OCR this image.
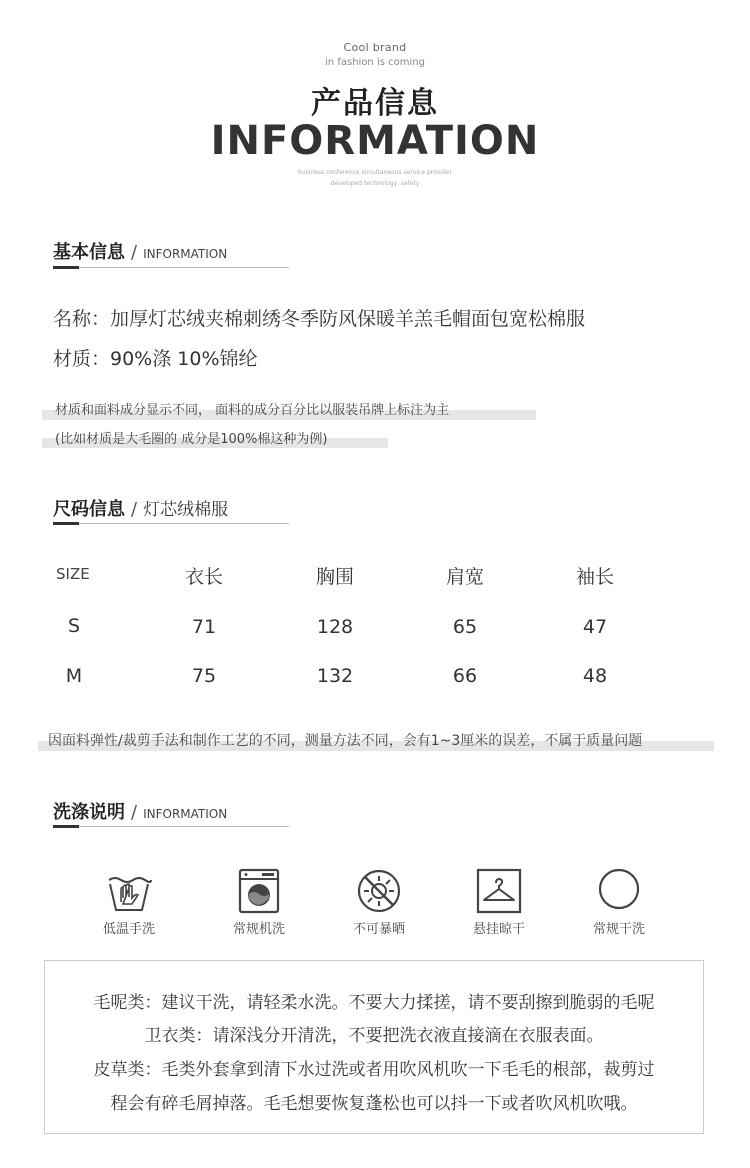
Cool brand
in fashion is coming
产品信息
INFORMATION
business conference simultaneous service provider
developed technology, safety
基本信息 / INFORMATION
名称：加厚灯芯绒夹棉刺绣冬季防风保暖羊羔毛帽面包宽松棉服
材质：90%涤 10%锦纶
材质和面料成分显示不同， 面料的成分百分比以服装吊牌上标注为主
(比如材质是大毛圈的 成分是100%棉这种为例)
尺码信息 / 灯芯绒棉服
SIZE	衣长	胸围	肩宽	袖长
S	71	128	65	47
M	75	132	66	48
因面料弹性/裁剪手法和制作工艺的不同，测量方法不同，会有1~3厘米的误差，不属于质量问题
洗涤说明 / INFORMATION
低温手洗	常规机洗	不可暴晒	悬挂晾干	常规干洗
毛呢类：建议干洗，请轻柔水洗。不要大力揉搓，请不要刮擦到脆弱的毛呢
卫衣类：请深浅分开清洗，不要把洗衣液直接滴在衣服表面。
皮草类：毛类外套拿到清下水过洗或者用吹风机吹一下毛毛的根部，裁剪过
程会有碎毛屑掉落。毛毛想要恢复蓬松也可以抖一下或者吹风机吹哦。
